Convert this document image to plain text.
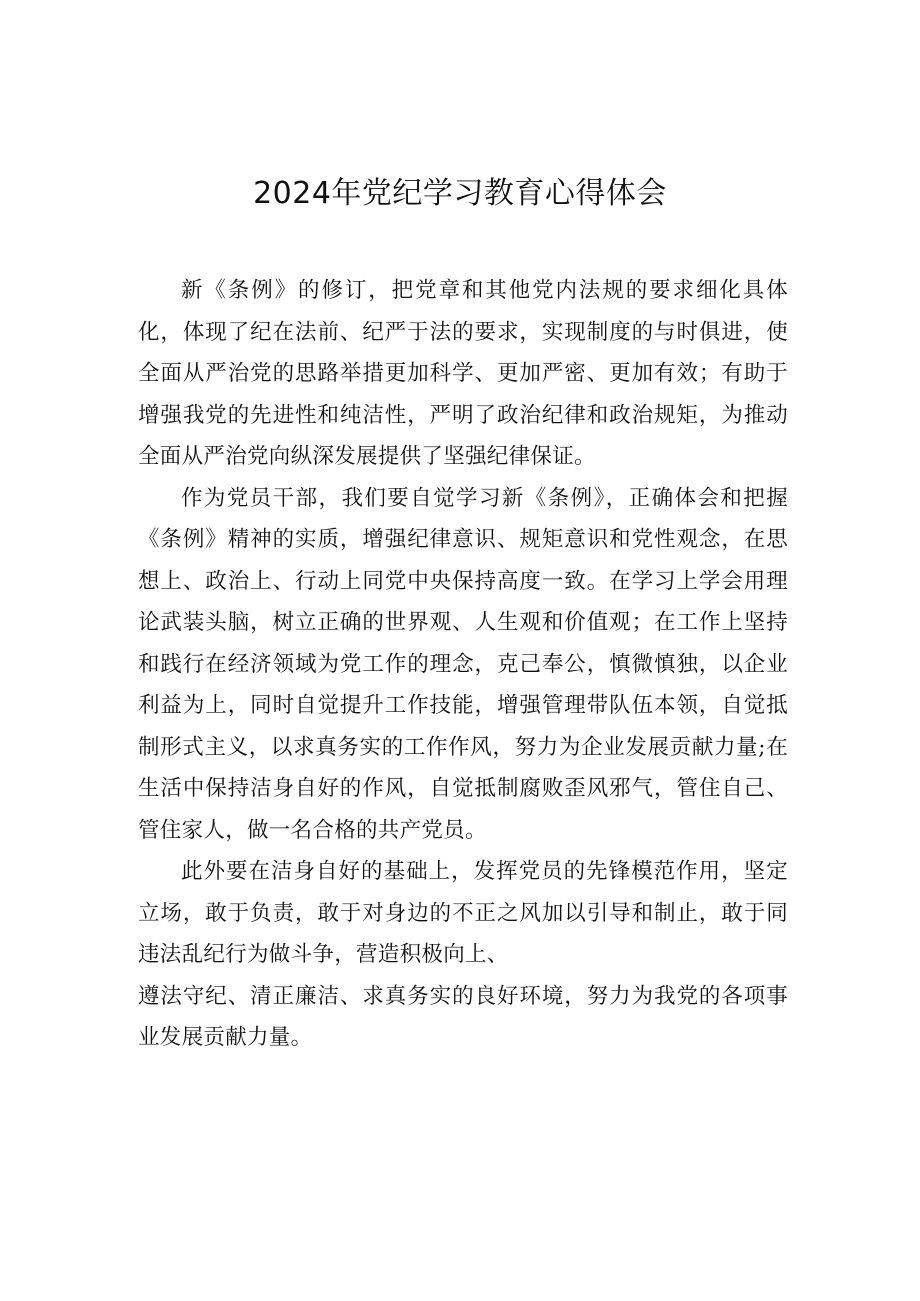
2024年党纪学习教育心得体会

新《条例》的修订，把党章和其他党内法规的要求细化具体化，体现了纪在法前、纪严于法的要求，实现制度的与时俱进，使全面从严治党的思路举措更加科学、更加严密、更加有效；有助于增强我党的先进性和纯洁性，严明了政治纪律和政治规矩，为推动全面从严治党向纵深发展提供了坚强纪律保证。

作为党员干部，我们要自觉学习新《条例》，正确体会和把握《条例》精神的实质，增强纪律意识、规矩意识和党性观念，在思想上、政治上、行动上同党中央保持高度一致。在学习上学会用理论武装头脑，树立正确的世界观、人生观和价值观；在工作上坚持和践行在经济领域为党工作的理念，克己奉公，慎微慎独，以企业利益为上，同时自觉提升工作技能，增强管理带队伍本领，自觉抵制形式主义，以求真务实的工作作风，努力为企业发展贡献力量;在生活中保持洁身自好的作风，自觉抵制腐败歪风邪气，管住自己、管住家人，做一名合格的共产党员。

此外要在洁身自好的基础上，发挥党员的先锋模范作用，坚定立场，敢于负责，敢于对身边的不正之风加以引导和制止，敢于同违法乱纪行为做斗争，营造积极向上、

遵法守纪、清正廉洁、求真务实的良好环境，努力为我党的各项事业发展贡献力量。
